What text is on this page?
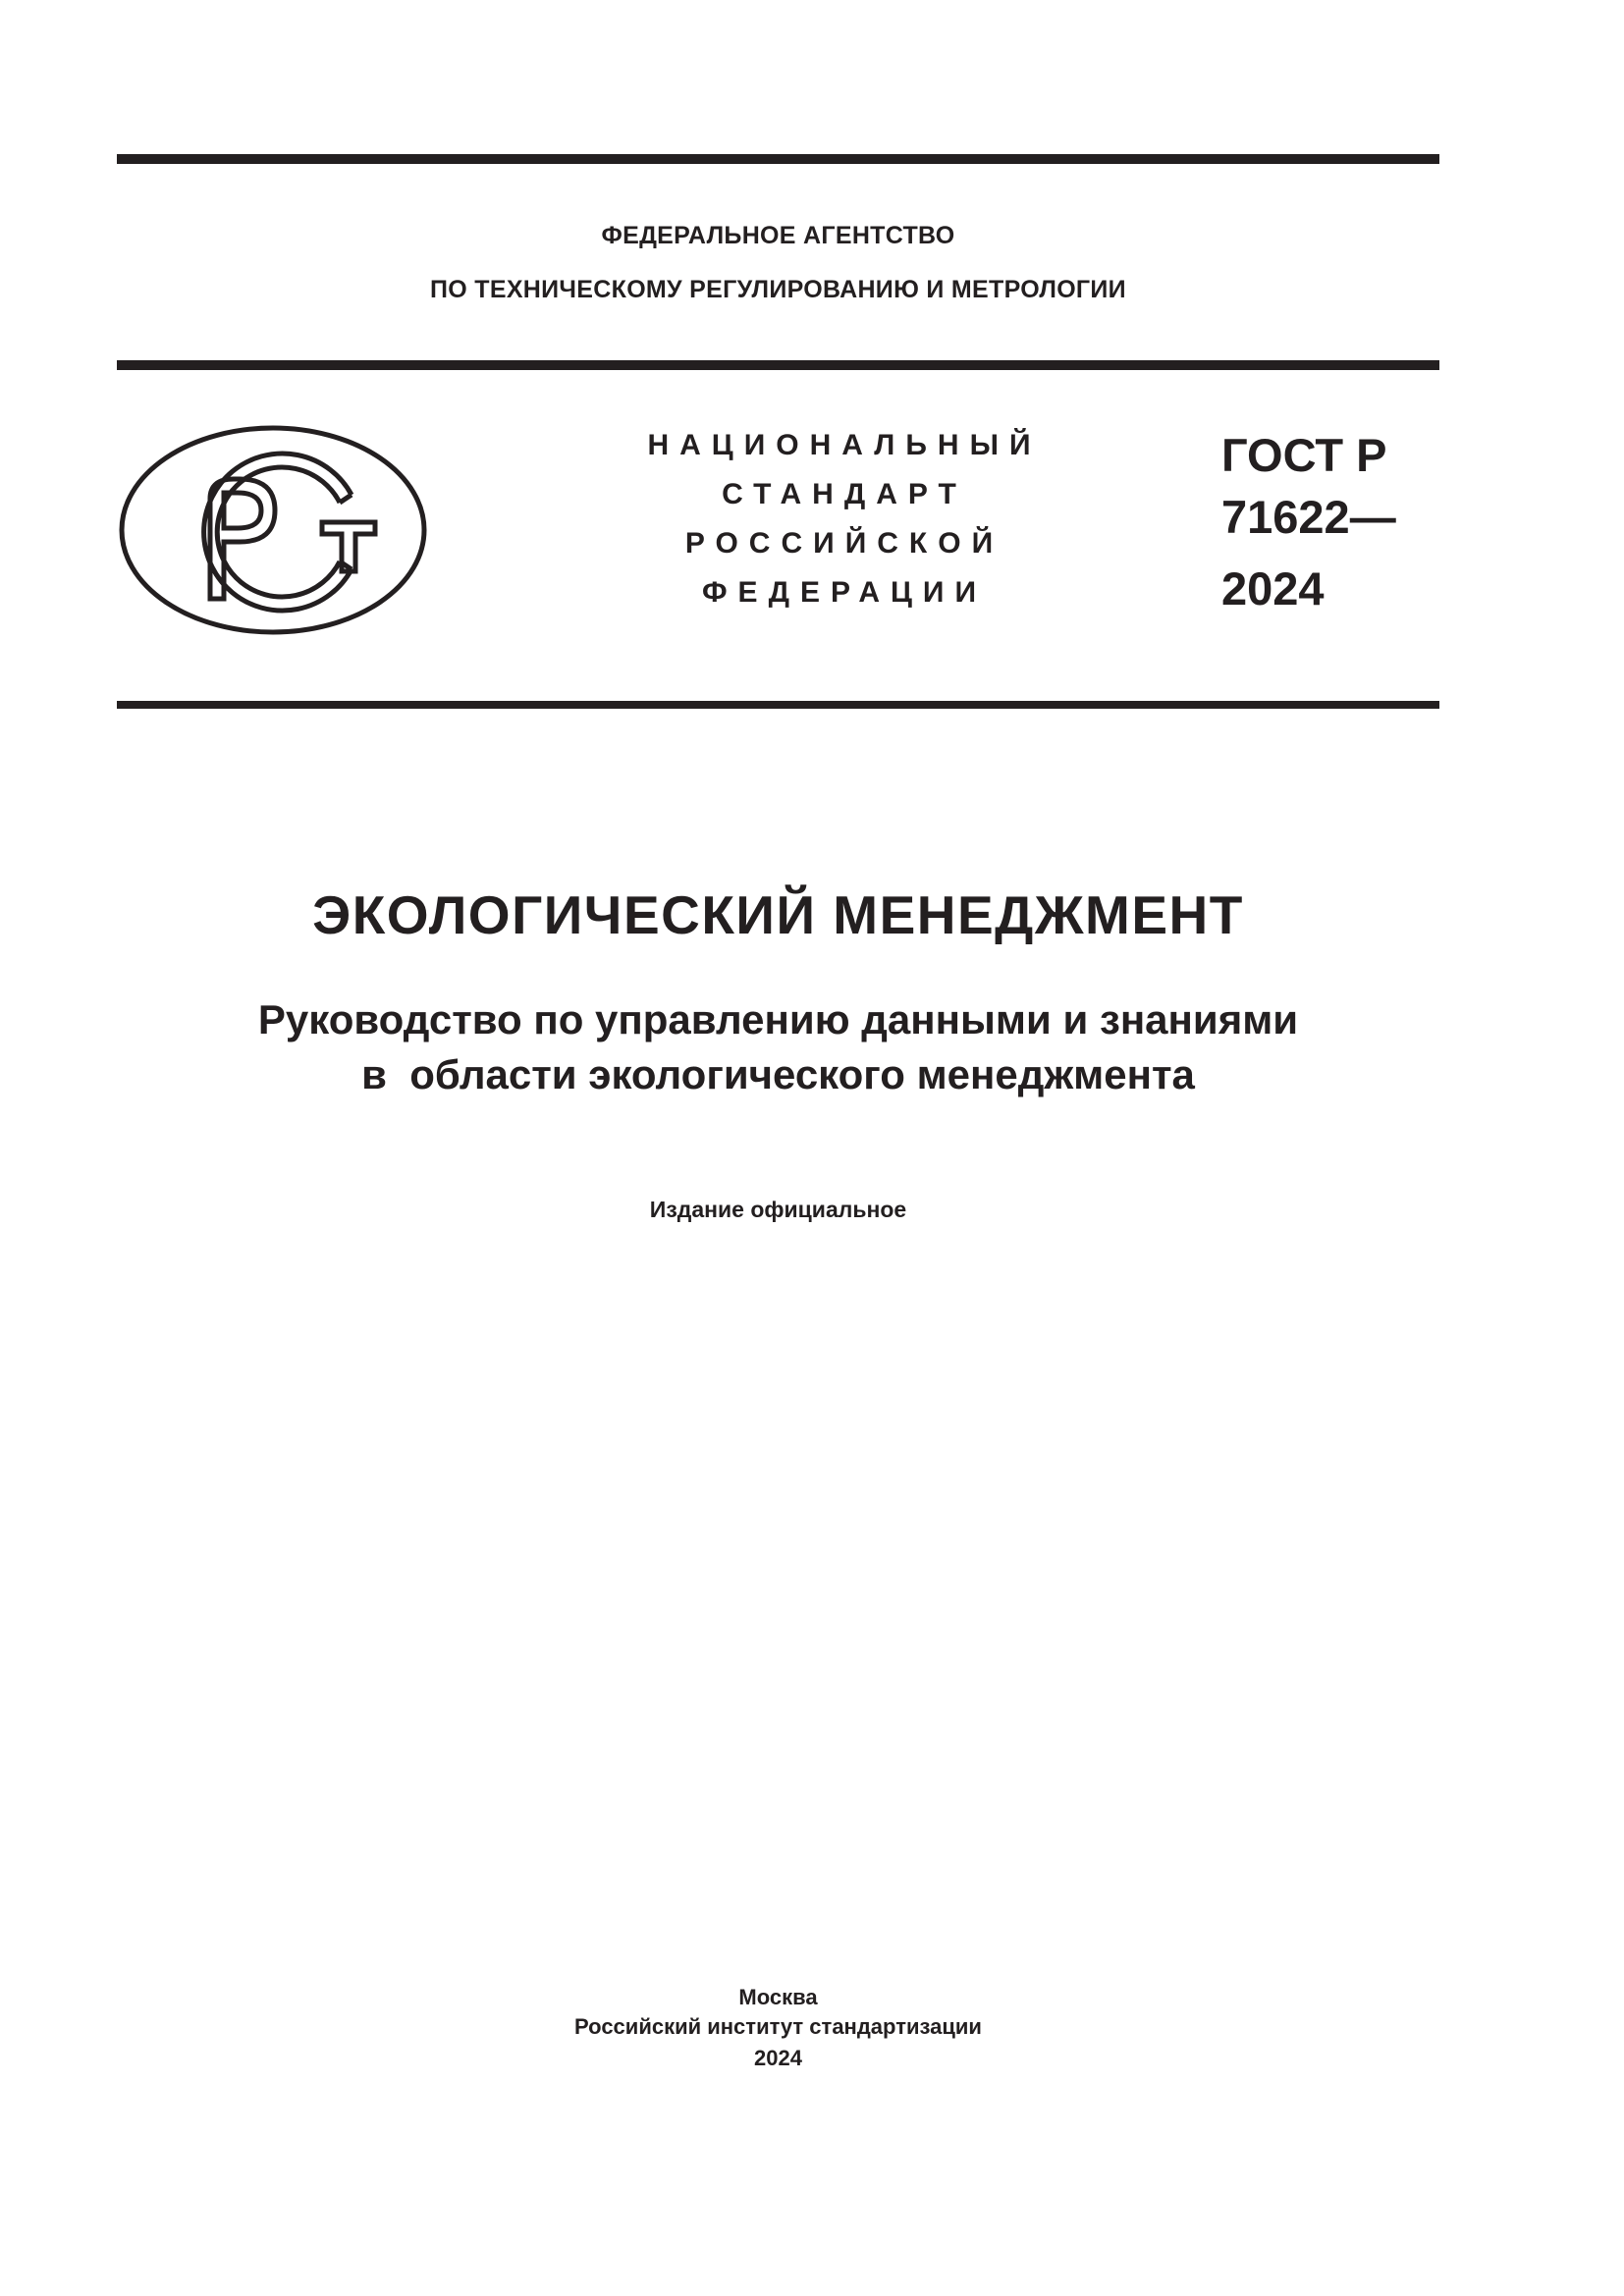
ФЕДЕРАЛЬНОЕ АГЕНТСТВО
ПО ТЕХНИЧЕСКОМУ РЕГУЛИРОВАНИЮ И МЕТРОЛОГИИ
НАЦИОНАЛЬНЫЙ
СТАНДАРТ
РОССИЙСКОЙ
ФЕДЕРАЦИИ
ГОСТ Р
71622—
2024
ЭКОЛОГИЧЕСКИЙ МЕНЕДЖМЕНТ
Руководство по управлению данными и знаниями
в  области экологического менеджмента
Издание официальное
Москва
Российский институт стандартизации
2024
